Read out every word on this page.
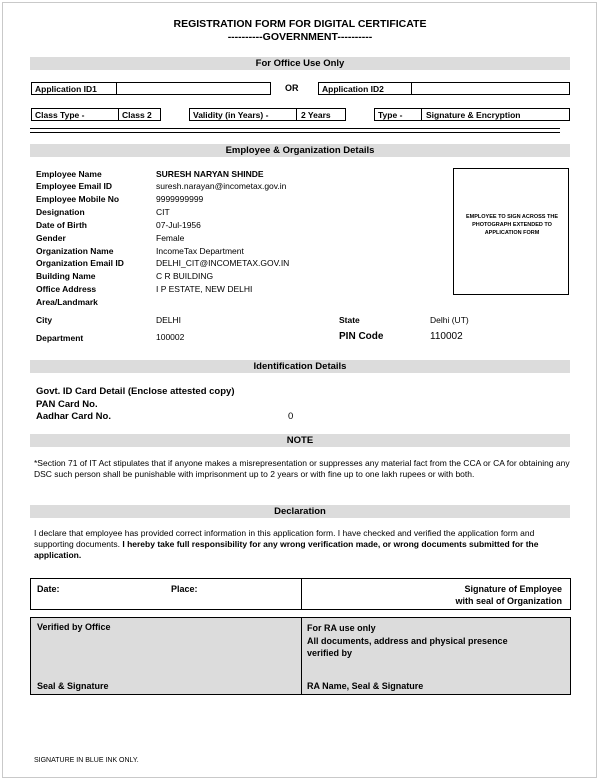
REGISTRATION FORM FOR DIGITAL CERTIFICATE
----------GOVERNMENT----------
For Office Use Only
Application ID1	OR	Application ID2
Class Type -	Class 2	Validity (in Years) -	2 Years	Type -	Signature & Encryption
Employee & Organization Details
Employee Name	SURESH NARYAN SHINDE
Employee Email ID	suresh.narayan@incometax.gov.in
Employee Mobile No	9999999999
Designation	CIT
Date of Birth	07-Jul-1956
Gender	Female
Organization Name	IncomeTax Department
Organization Email ID	DELHI_CIT@INCOMETAX.GOV.IN
Building Name	C R BUILDING
Office Address	I P ESTATE, NEW DELHI
Area/Landmark
EMPLOYEE TO SIGN ACROSS THE PHOTOGRAPH EXTENDED TO APPLICATION FORM
City	DELHI	State	Delhi (UT)
Department	100002	PIN Code	110002
Identification Details
Govt. ID Card Detail (Enclose attested copy)
PAN Card No.
Aadhar Card No.	0
NOTE
*Section 71 of IT Act stipulates that if anyone makes a misrepresentation or suppresses any material fact from the CCA or CA for obtaining any DSC such person shall be punishable with imprisonment up to 2 years or with fine up to one lakh rupees or with both.
Declaration
I declare that employee has provided correct information in this application form. I have checked and verified the application form and supporting documents. I hereby take full responsibility for any wrong verification made, or wrong documents submitted for the application.
Date:	Place:	Signature of Employee
with seal of Organization
Verified by Office
Seal & Signature
For RA use only
All documents, address and physical presence
verified by
RA Name, Seal & Signature
SIGNATURE IN BLUE INK ONLY.
